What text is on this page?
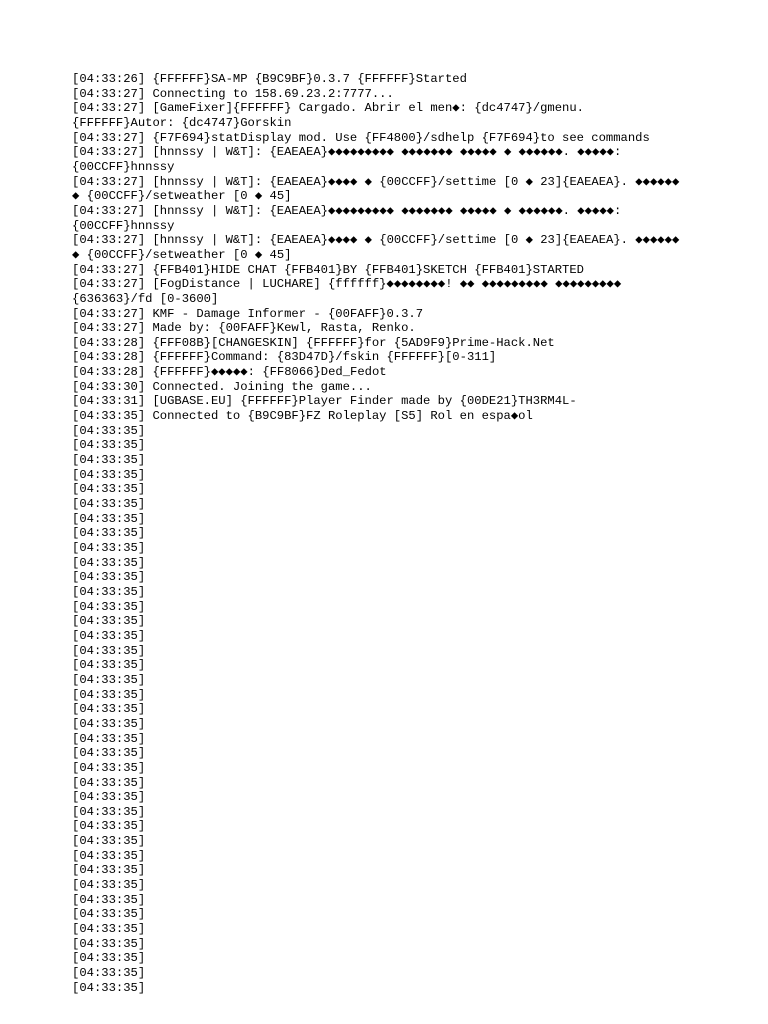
[04:33:26] {FFFFFF}SA-MP {B9C9BF}0.3.7 {FFFFFF}Started
[04:33:27] Connecting to 158.69.23.2:7777...
[04:33:27] [GameFixer]{FFFFFF} Cargado. Abrir el men◆: {dc4747}/gmenu.
{FFFFFF}Autor: {dc4747}Gorskin
[04:33:27] {F7F694}statDisplay mod. Use {FF4800}/sdhelp {F7F694}to see commands
[04:33:27] [hnnssy | W&T]: {EAEAEA}◆◆◆◆◆◆◆◆◆ ◆◆◆◆◆◆◆ ◆◆◆◆◆ ◆ ◆◆◆◆◆◆. ◆◆◆◆◆:
{00CCFF}hnnssy
[04:33:27] [hnnssy | W&T]: {EAEAEA}◆◆◆◆ ◆ {00CCFF}/settime [0 ◆ 23]{EAEAEA}. ◆◆◆◆◆◆
◆ {00CCFF}/setweather [0 ◆ 45]
[04:33:27] [hnnssy | W&T]: {EAEAEA}◆◆◆◆◆◆◆◆◆ ◆◆◆◆◆◆◆ ◆◆◆◆◆ ◆ ◆◆◆◆◆◆. ◆◆◆◆◆:
{00CCFF}hnnssy
[04:33:27] [hnnssy | W&T]: {EAEAEA}◆◆◆◆ ◆ {00CCFF}/settime [0 ◆ 23]{EAEAEA}. ◆◆◆◆◆◆
◆ {00CCFF}/setweather [0 ◆ 45]
[04:33:27] {FFB401}HIDE CHAT {FFB401}BY {FFB401}SKETCH {FFB401}STARTED
[04:33:27] [FogDistance | LUCHARE] {ffffff}◆◆◆◆◆◆◆◆! ◆◆ ◆◆◆◆◆◆◆◆◆ ◆◆◆◆◆◆◆◆◆
{636363}/fd [0-3600]
[04:33:27] KMF - Damage Informer - {00FAFF}0.3.7
[04:33:27] Made by: {00FAFF}Kewl, Rasta, Renko.
[04:33:28] {FFF08B}[CHANGESKIN] {FFFFFF}for {5AD9F9}Prime-Hack.Net
[04:33:28] {FFFFFF}Command: {83D47D}/fskin {FFFFFF}[0-311]
[04:33:28] {FFFFFF}◆◆◆◆◆: {FF8066}Ded_Fedot
[04:33:30] Connected. Joining the game...
[04:33:31] [UGBASE.EU] {FFFFFF}Player Finder made by {00DE21}TH3RM4L-
[04:33:35] Connected to {B9C9BF}FZ Roleplay [S5] Rol en espa◆ol
[04:33:35]
[04:33:35]
[04:33:35]
[04:33:35]
[04:33:35]
[04:33:35]
[04:33:35]
[04:33:35]
[04:33:35]
[04:33:35]
[04:33:35]
[04:33:35]
[04:33:35]
[04:33:35]
[04:33:35]
[04:33:35]
[04:33:35]
[04:33:35]
[04:33:35]
[04:33:35]
[04:33:35]
[04:33:35]
[04:33:35]
[04:33:35]
[04:33:35]
[04:33:35]
[04:33:35]
[04:33:35]
[04:33:35]
[04:33:35]
[04:33:35]
[04:33:35]
[04:33:35]
[04:33:35]
[04:33:35]
[04:33:35]
[04:33:35]
[04:33:35]
[04:33:35]
